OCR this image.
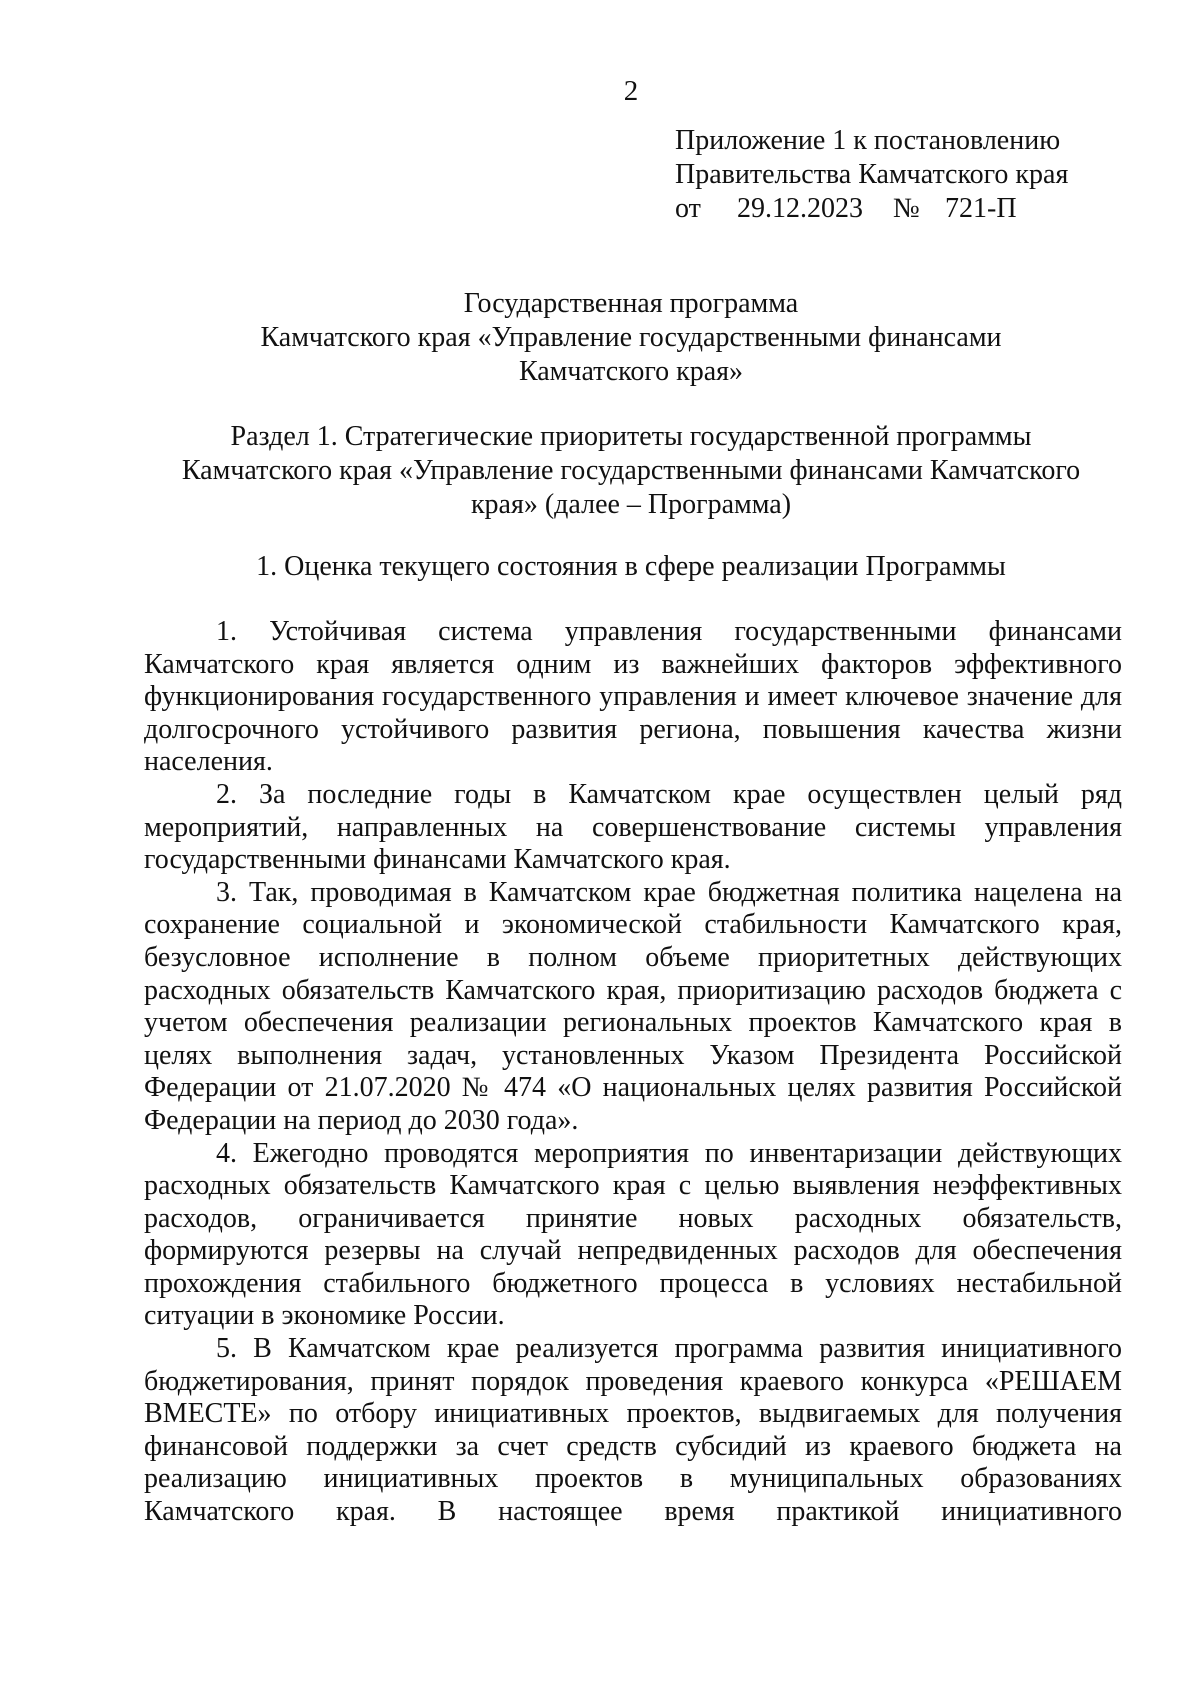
2
Приложение 1 к постановлению
Правительства Камчатского края
от 29.12.2023 № 721-П
Государственная программа
Камчатского края «Управление государственными финансами
Камчатского края»
Раздел 1. Стратегические приоритеты государственной программы
Камчатского края «Управление государственными финансами Камчатского
края» (далее – Программа)
1. Оценка текущего состояния в сфере реализации Программы

1. Устойчивая система управления государственными финансами Камчатского края является одним из важнейших факторов эффективного функционирования государственного управления и имеет ключевое значение для долгосрочного устойчивого развития региона, повышения качества жизни населения.

2. За последние годы в Камчатском крае осуществлен целый ряд мероприятий, направленных на совершенствование системы управления государственными финансами Камчатского края.

3. Так, проводимая в Камчатском крае бюджетная политика нацелена на сохранение социальной и экономической стабильности Камчатского края, безусловное исполнение в полном объеме приоритетных действующих расходных обязательств Камчатского края, приоритизацию расходов бюджета с учетом обеспечения реализации региональных проектов Камчатского края в целях выполнения задач, установленных Указом Президента Российской Федерации от 21.07.2020 № 474 «О национальных целях развития Российской Федерации на период до 2030 года».

4. Ежегодно проводятся мероприятия по инвентаризации действующих расходных обязательств Камчатского края с целью выявления неэффективных расходов, ограничивается принятие новых расходных обязательств, формируются резервы на случай непредвиденных расходов для обеспечения прохождения стабильного бюджетного процесса в условиях нестабильной ситуации в экономике России.

5. В Камчатском крае реализуется программа развития инициативного бюджетирования, принят порядок проведения краевого конкурса «РЕШАЕМ ВМЕСТЕ» по отбору инициативных проектов, выдвигаемых для получения финансовой поддержки за счет средств субсидий из краевого бюджета на реализацию инициативных проектов в муниципальных образованиях Камчатского края. В настоящее время практикой инициативного
